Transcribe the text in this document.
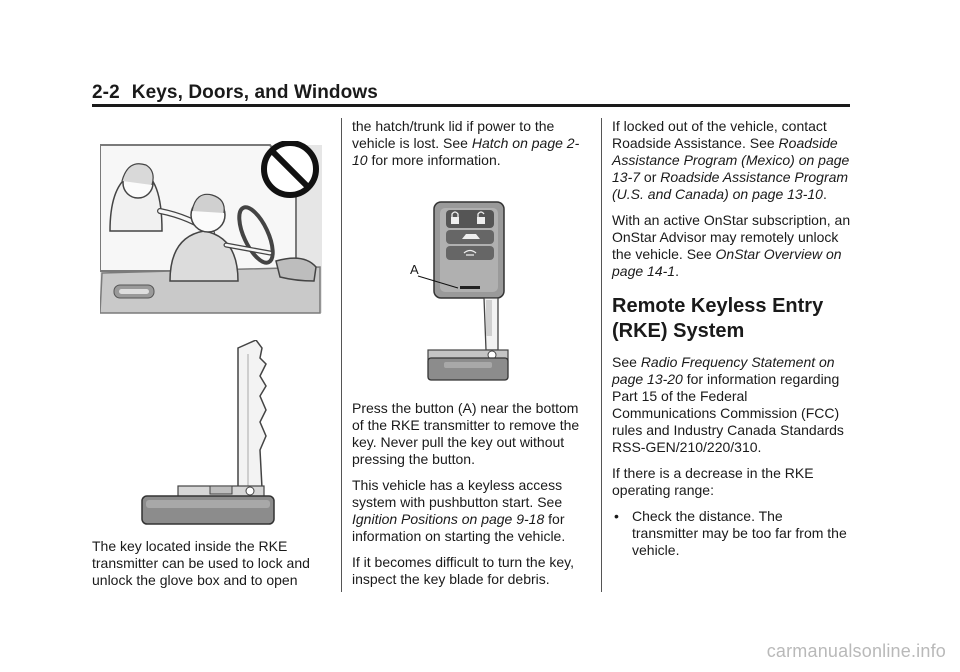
2-2 Keys, Doors, and Windows

The key located inside the RKE transmitter can be used to lock and unlock the glove box and to open

the hatch/trunk lid if power to the vehicle is lost. See Hatch on page 2-10 for more information.

A

Press the button (A) near the bottom of the RKE transmitter to remove the key. Never pull the key out without pressing the button.

This vehicle has a keyless access system with pushbutton start. See Ignition Positions on page 9-18 for information on starting the vehicle.

If it becomes difficult to turn the key, inspect the key blade for debris.

If locked out of the vehicle, contact Roadside Assistance. See Roadside Assistance Program (Mexico) on page 13-7 or Roadside Assistance Program (U.S. and Canada) on page 13-10.

With an active OnStar subscription, an OnStar Advisor may remotely unlock the vehicle. See OnStar Overview on page 14-1.

Remote Keyless Entry (RKE) System

See Radio Frequency Statement on page 13-20 for information regarding Part 15 of the Federal Communications Commission (FCC) rules and Industry Canada Standards RSS-GEN/210/220/310.

If there is a decrease in the RKE operating range:

• Check the distance. The transmitter may be too far from the vehicle.

carmanualsonline.info
